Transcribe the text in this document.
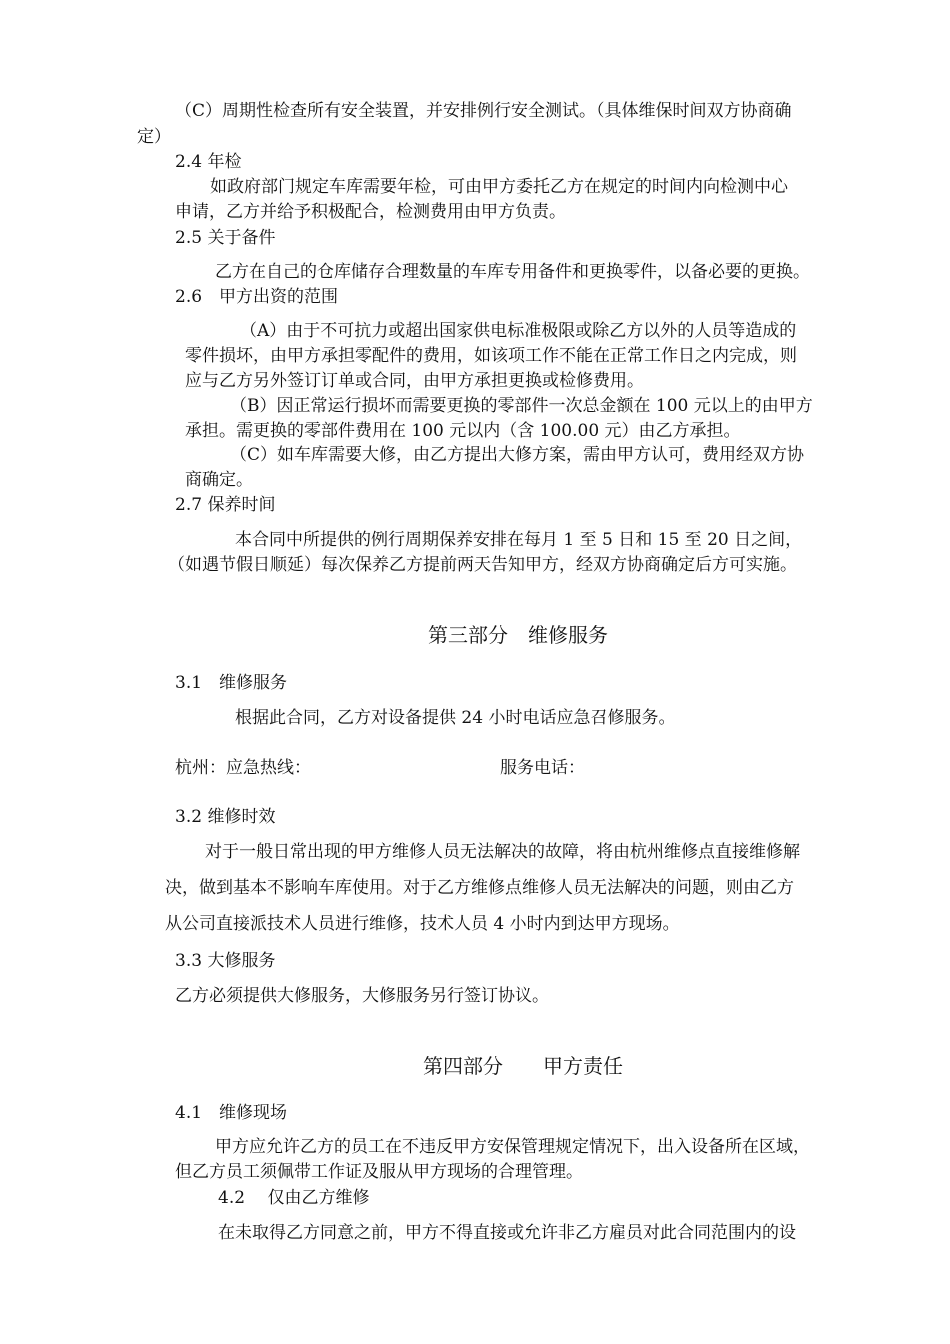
（C）周期性检查所有安全装置，并安排例行安全测试。（具体维保时间双方协商确
定）
2.4 年检
如政府部门规定车库需要年检，可由甲方委托乙方在规定的时间内向检测中心
申请，乙方并给予积极配合，检测费用由甲方负责。
2.5 关于备件
乙方在自己的仓库储存合理数量的车库专用备件和更换零件，以备必要的更换。
2.6　甲方出资的范围
（A）由于不可抗力或超出国家供电标准极限或除乙方以外的人员等造成的
零件损坏，由甲方承担零配件的费用，如该项工作不能在正常工作日之内完成，则
应与乙方另外签订订单或合同，由甲方承担更换或检修费用。
（B）因正常运行损坏而需要更换的零部件一次总金额在 100 元以上的由甲方
承担。需更换的零部件费用在 100 元以内（含 100.00 元）由乙方承担。
（C）如车库需要大修，由乙方提出大修方案，需由甲方认可，费用经双方协
商确定。
2.7 保养时间
本合同中所提供的例行周期保养安排在每月 1 至 5 日和 15 至 20 日之间，
（如遇节假日顺延）每次保养乙方提前两天告知甲方，经双方协商确定后方可实施。
第三部分　维修服务
3.1　维修服务
根据此合同，乙方对设备提供 24 小时电话应急召修服务。
杭州：应急热线：	服务电话：
3.2 维修时效
对于一般日常出现的甲方维修人员无法解决的故障，将由杭州维修点直接维修解
决，做到基本不影响车库使用。对于乙方维修点维修人员无法解决的问题，则由乙方
从公司直接派技术人员进行维修，技术人员 4 小时内到达甲方现场。
3.3 大修服务
乙方必须提供大修服务，大修服务另行签订协议。
第四部分　　甲方责任
4.1　维修现场
甲方应允许乙方的员工在不违反甲方安保管理规定情况下，出入设备所在区域，
但乙方员工须佩带工作证及服从甲方现场的合理管理。
4.2　 仅由乙方维修
在未取得乙方同意之前，甲方不得直接或允许非乙方雇员对此合同范围内的设
